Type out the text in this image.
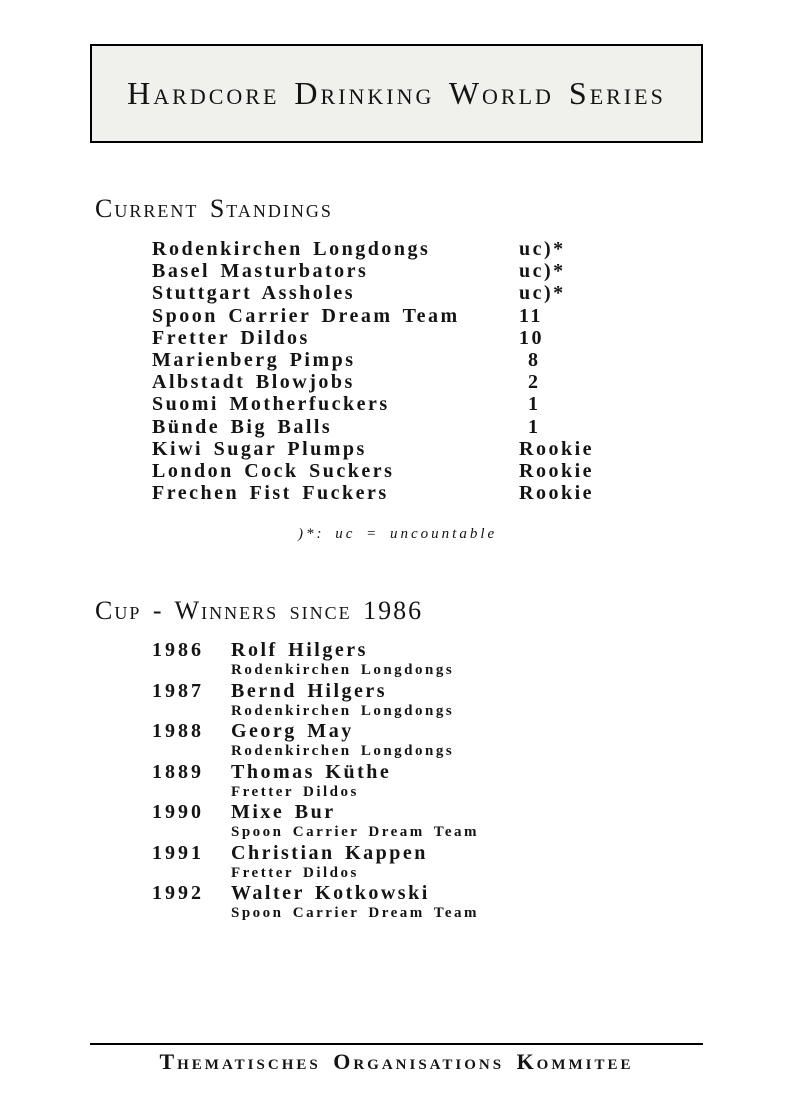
Hardcore Drinking World Series
Current Standings
Rodenkirchen Longdongs	uc)*
Basel Masturbators	uc)*
Stuttgart Assholes	uc)*
Spoon Carrier Dream Team	11
Fretter Dildos	10
Marienberg Pimps	8
Albstadt Blowjobs	2
Suomi Motherfuckers	1
Bünde Big Balls	1
Kiwi Sugar Plumps	Rookie
London Cock Suckers	Rookie
Frechen Fist Fuckers	Rookie
)*: uc = uncountable
Cup - Winners since 1986
1986 Rolf Hilgers
Rodenkirchen Longdongs
1987 Bernd Hilgers
Rodenkirchen Longdongs
1988 Georg May
Rodenkirchen Longdongs
1889 Thomas Küthe
Fretter Dildos
1990 Mixe Bur
Spoon Carrier Dream Team
1991 Christian Kappen
Fretter Dildos
1992 Walter Kotkowski
Spoon Carrier Dream Team
Thematisches Organisations Kommitee
